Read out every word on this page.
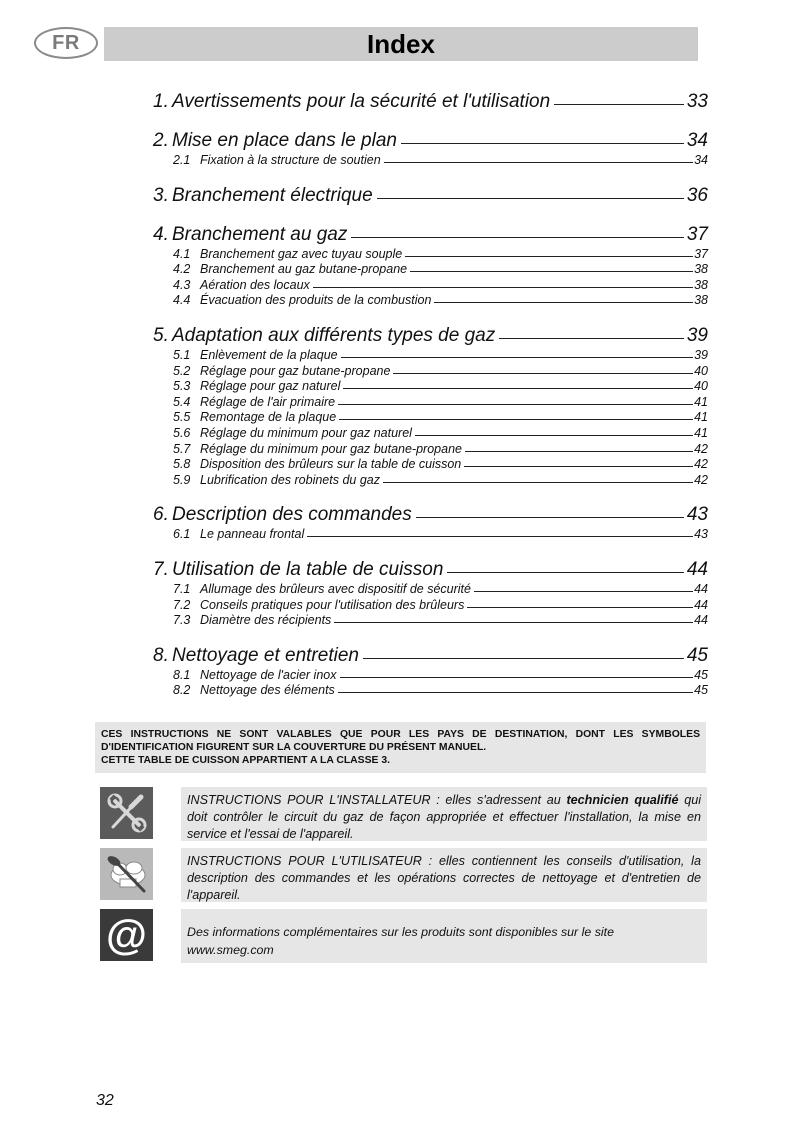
FR	Index
1. Avertissements pour la sécurité et l'utilisation	33
2. Mise en place dans le plan	34
2.1 Fixation à la structure de soutien	34
3. Branchement électrique	36
4. Branchement au gaz	37
4.1 Branchement gaz avec tuyau souple	37
4.2 Branchement au gaz butane-propane	38
4.3 Aération des locaux	38
4.4 Évacuation des produits de la combustion	38
5. Adaptation aux différents types de gaz	39
5.1 Enlèvement de la plaque	39
5.2 Réglage pour gaz butane-propane	40
5.3 Réglage pour gaz naturel	40
5.4 Réglage de l'air primaire	41
5.5 Remontage de la plaque	41
5.6 Réglage du minimum pour gaz naturel	41
5.7 Réglage du minimum pour gaz butane-propane	42
5.8 Disposition des brûleurs sur la table de cuisson	42
5.9 Lubrification des robinets du gaz	42
6. Description des commandes	43
6.1 Le panneau frontal	43
7. Utilisation de la table de cuisson	44
7.1 Allumage des brûleurs avec dispositif de sécurité	44
7.2 Conseils pratiques pour l'utilisation des brûleurs	44
7.3 Diamètre des récipients	44
8. Nettoyage et entretien	45
8.1 Nettoyage de l'acier inox	45
8.2 Nettoyage des éléments	45
CES INSTRUCTIONS NE SONT VALABLES QUE POUR LES PAYS DE DESTINATION, DONT LES SYMBOLES D'IDENTIFICATION FIGURENT SUR LA COUVERTURE DU PRÉSENT MANUEL.
CETTE TABLE DE CUISSON APPARTIENT A LA CLASSE 3.
INSTRUCTIONS POUR L'INSTALLATEUR : elles s'adressent au technicien qualifié qui doit contrôler le circuit du gaz de façon appropriée et effectuer l'installation, la mise en service et l'essai de l'appareil.
INSTRUCTIONS POUR L'UTILISATEUR : elles contiennent les conseils d'utilisation, la description des commandes et les opérations correctes de nettoyage et d'entretien de l'appareil.
@	Des informations complémentaires sur les produits sont disponibles sur le site
www.smeg.com
32
